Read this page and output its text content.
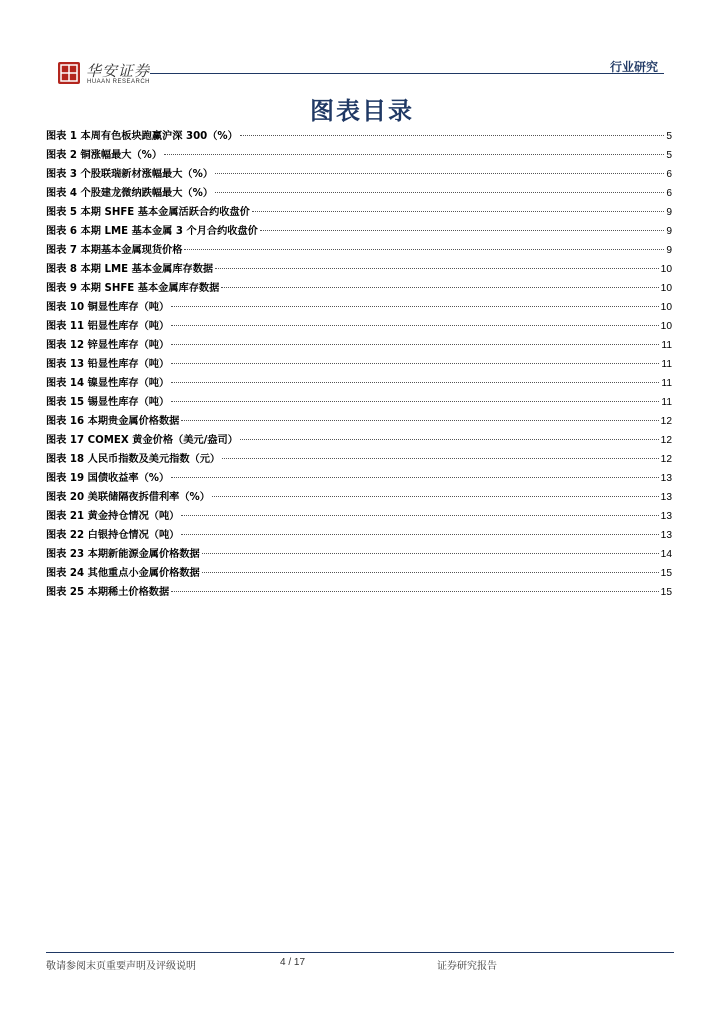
华安证券
HUAAN RESEARCH
行业研究
图表目录
图表 1 本周有色板块跑赢沪深 300（%）	5
图表 2 铜涨幅最大（%）	5
图表 3 个股联瑞新材涨幅最大（%）	6
图表 4 个股建龙微纳跌幅最大（%）	6
图表 5 本期 SHFE 基本金属活跃合约收盘价	9
图表 6 本期 LME 基本金属 3 个月合约收盘价	9
图表 7 本期基本金属现货价格	9
图表 8 本期 LME 基本金属库存数据	10
图表 9 本期 SHFE 基本金属库存数据	10
图表 10 铜显性库存（吨）	10
图表 11 铝显性库存（吨）	10
图表 12 锌显性库存（吨）	11
图表 13 铅显性库存（吨）	11
图表 14 镍显性库存（吨）	11
图表 15 锡显性库存（吨）	11
图表 16 本期贵金属价格数据	12
图表 17 COMEX 黄金价格（美元/盎司）	12
图表 18 人民币指数及美元指数（元）	12
图表 19 国债收益率（%）	13
图表 20 美联储隔夜拆借利率（%）	13
图表 21 黄金持仓情况（吨）	13
图表 22 白银持仓情况（吨）	13
图表 23 本期新能源金属价格数据	14
图表 24 其他重点小金属价格数据	15
图表 25 本期稀土价格数据	15
敬请参阅末页重要声明及评级说明	4 / 17	证券研究报告
